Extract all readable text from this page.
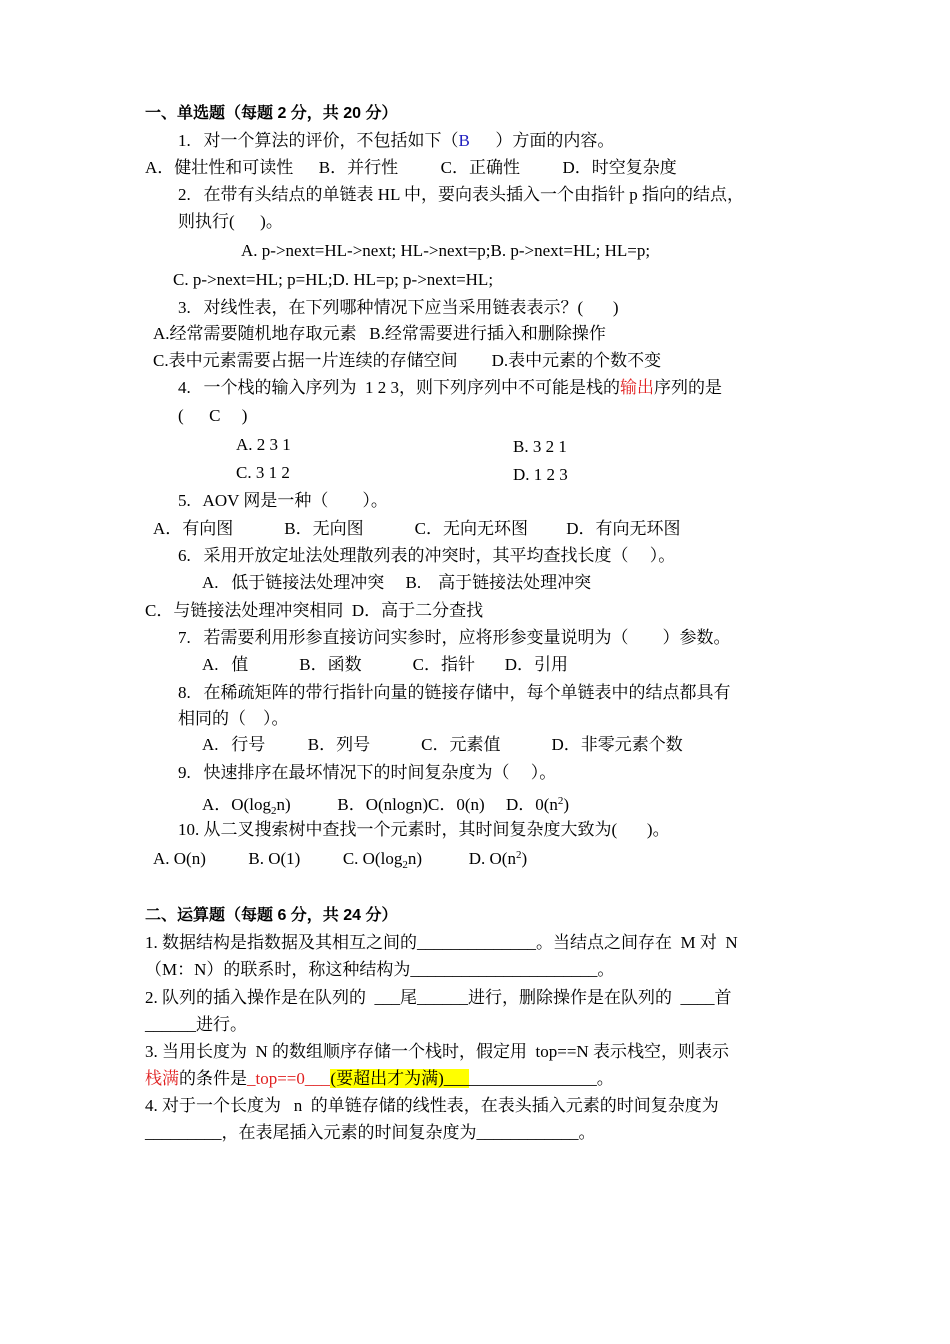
一、单选题（每题 2 分，共 20 分）
1.   对一个算法的评价，不包括如下（B      ）方面的内容。
A．健壮性和可读性      B．并行性          C．正确性          D．时空复杂度
2.   在带有头结点的单链表 HL 中，要向表头插入一个由指针 p 指向的结点，
则执行(      )。
A. p->next=HL->next; HL->next=p;B. p->next=HL; HL=p;
C. p->next=HL; p=HL;D. HL=p; p->next=HL;
3.   对线性表，在下列哪种情况下应当采用链表表示？(       )
A.经常需要随机地存取元素   B.经常需要进行插入和删除操作
C.表中元素需要占据一片连续的存储空间        D.表中元素的个数不变
4.   一个栈的输入序列为  1 2 3，则下列序列中不可能是栈的输出序列的是
(      C     )
A. 2 3 1	B. 3 2 1
C. 3 1 2	D. 1 2 3
5.   AOV 网是一种（        ）。
A．有向图            B．无向图            C．无向无环图         D．有向无环图
6.   采用开放定址法处理散列表的冲突时，其平均查找长度（     ）。
A.   低于链接法处理冲突     B.    高于链接法处理冲突
C．与链接法处理冲突相同  D．高于二分查找
7.   若需要利用形参直接访问实参时，应将形参变量说明为（        ）参数。
A.   值            B．函数            C．指针       D．引用
8.   在稀疏矩阵的带行指针向量的链接存储中，每个单链表中的结点都具有
相同的（    ）。
A.   行号          B．列号            C．元素值            D．非零元素个数
9.   快速排序在最坏情况下的时间复杂度为（     ）。
A．$O(\log_2n)$           B．O(nlogn)C．0(n)     D．$0(n^2)$
10. 从二叉搜索树中查找一个元素时，其时间复杂度大致为(       )。
A. O(n)          B. O(1)          C. $O(\log_2n)$           D. $O(n^2)$
二、运算题（每题 6 分，共 24 分）
1. 数据结构是指数据及其相互之间的______________。当结点之间存在  M 对  N
（M：N）的联系时，称这种结构为______________________。
2. 队列的插入操作是在队列的  ___尾______进行，删除操作是在队列的  ____首
______进行。
3. 当用长度为  N 的数组顺序存储一个栈时，假定用  top==N 表示栈空，则表示
栈满的条件是_top==0___(要超出才为满)__________________。
4. 对于一个长度为   n  的单链存储的线性表，在表头插入元素的时间复杂度为
_________，在表尾插入元素的时间复杂度为____________。
